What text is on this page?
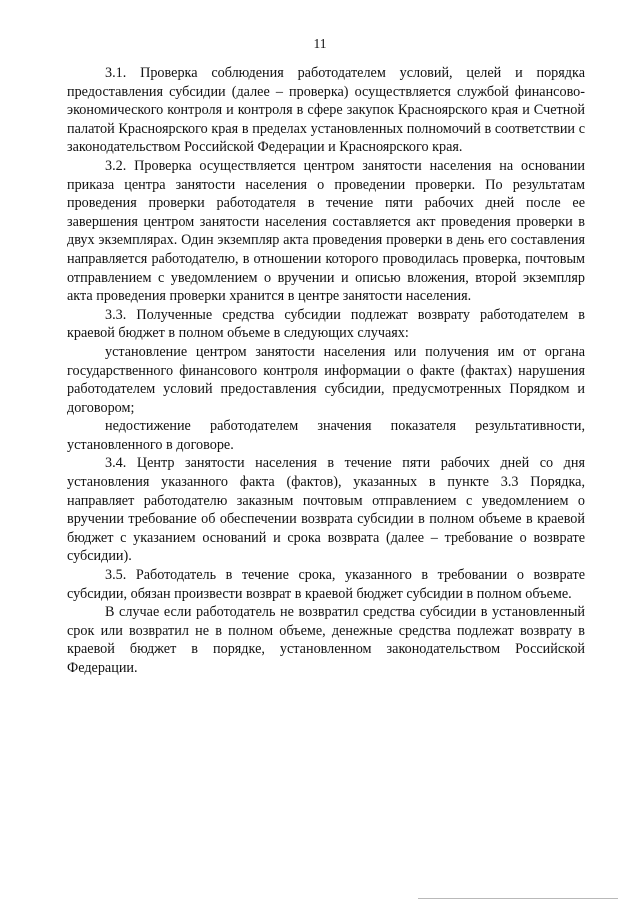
11

3.1. Проверка соблюдения работодателем условий, целей и порядка предоставления субсидии (далее – проверка) осуществляется службой финансово-экономического контроля и контроля в сфере закупок Красноярского края и Счетной палатой Красноярского края в пределах установленных полномочий в соответствии с законодательством Российской Федерации и Красноярского края.

3.2. Проверка осуществляется центром занятости населения на основании приказа центра занятости населения о проведении проверки. По результатам проведения проверки работодателя в течение пяти рабочих дней после ее завершения центром занятости населения составляется акт проведения проверки в двух экземплярах. Один экземпляр акта проведения проверки в день его составления направляется работодателю, в отношении которого проводилась проверка, почтовым отправлением с уведомлением о вручении и описью вложения, второй экземпляр акта проведения проверки хранится в центре занятости населения.

3.3. Полученные средства субсидии подлежат возврату работодателем в краевой бюджет в полном объеме в следующих случаях:

установление центром занятости населения или получения им от органа государственного финансового контроля информации о факте (фактах) нарушения работодателем условий предоставления субсидии, предусмотренных Порядком и договором;

недостижение работодателем значения показателя результативности, установленного в договоре.

3.4. Центр занятости населения в течение пяти рабочих дней со дня установления указанного факта (фактов), указанных в пункте 3.3 Порядка, направляет работодателю заказным почтовым отправлением с уведомлением о вручении требование об обеспечении возврата субсидии в полном объеме в краевой бюджет с указанием оснований и срока возврата (далее – требование о возврате субсидии).

3.5. Работодатель в течение срока, указанного в требовании о возврате субсидии, обязан произвести возврат в краевой бюджет субсидии в полном объеме.

В случае если работодатель не возвратил средства субсидии в установленный срок или возвратил не в полном объеме, денежные средства подлежат возврату в краевой бюджет в порядке, установленном законодательством Российской Федерации.
